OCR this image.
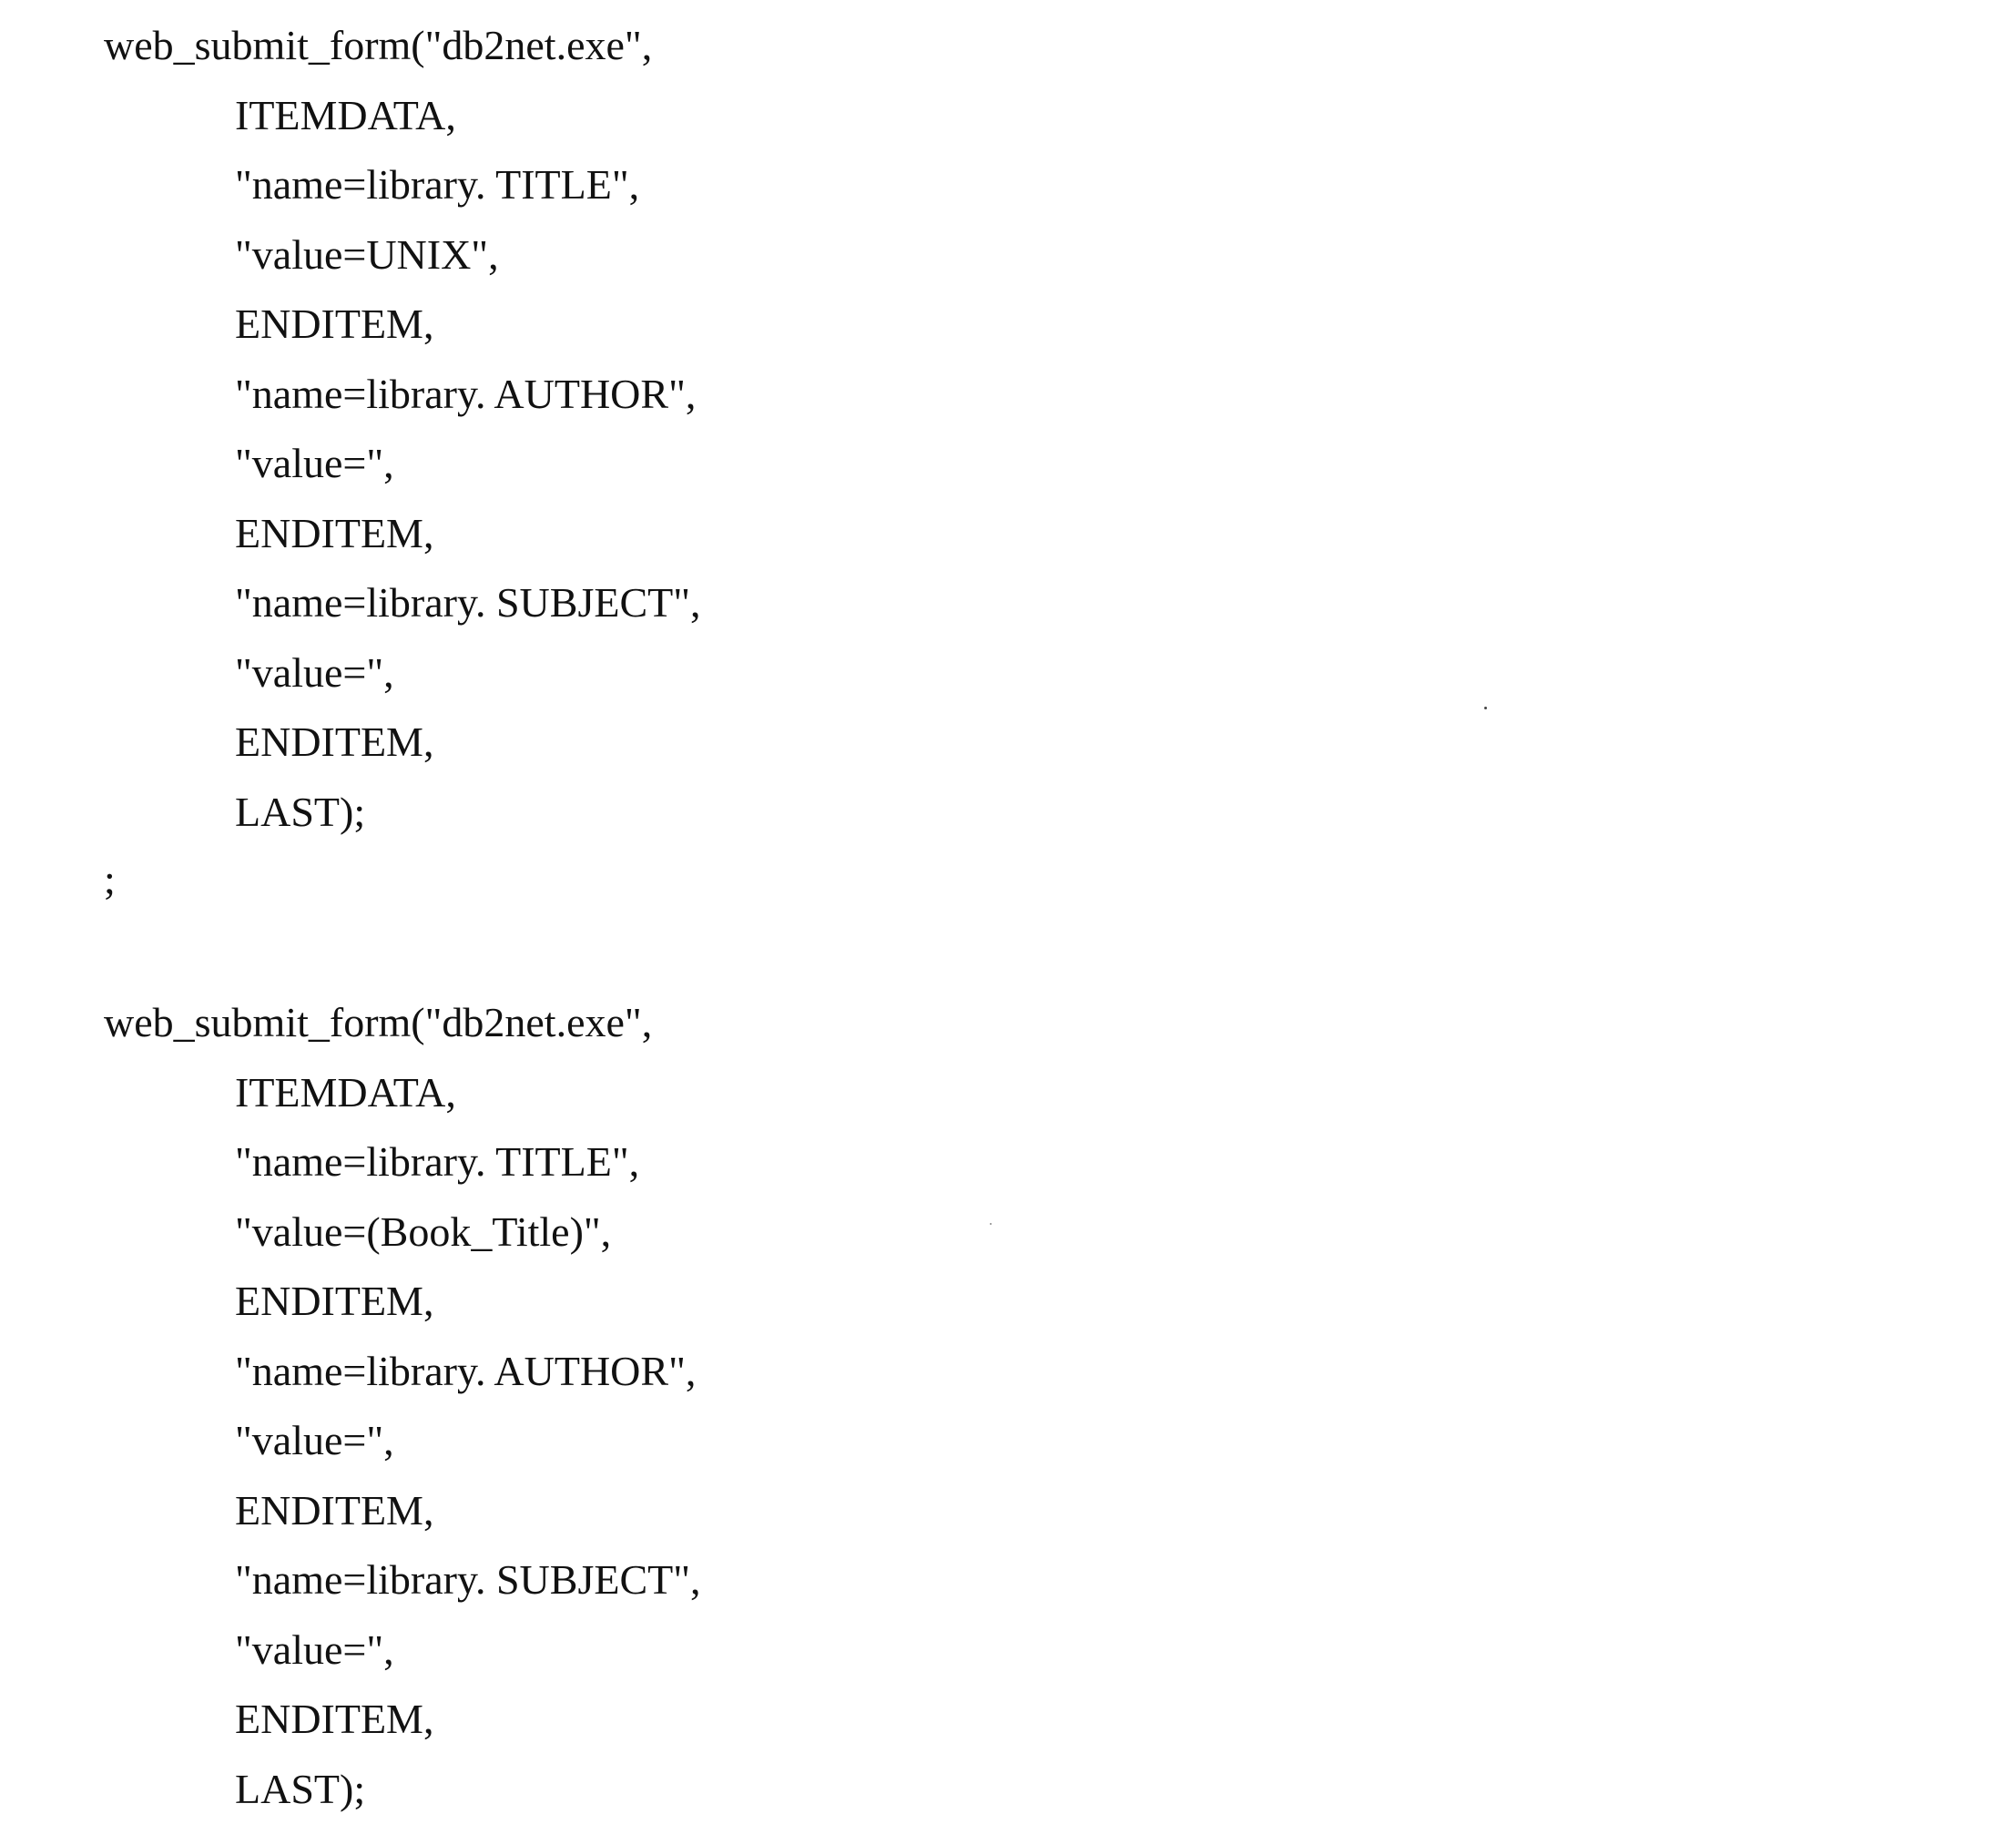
web_submit_form("db2net.exe",
ITEMDATA,
"name=library. TITLE",
"value=UNIX",
ENDITEM,
"name=library. AUTHOR",
"value=",
ENDITEM,
"name=library. SUBJECT",
"value=",
ENDITEM,
LAST);
;
web_submit_form("db2net.exe",
ITEMDATA,
"name=library. TITLE",
"value=(Book_Title)",
ENDITEM,
"name=library. AUTHOR",
"value=",
ENDITEM,
"name=library. SUBJECT",
"value=",
ENDITEM,
LAST);
